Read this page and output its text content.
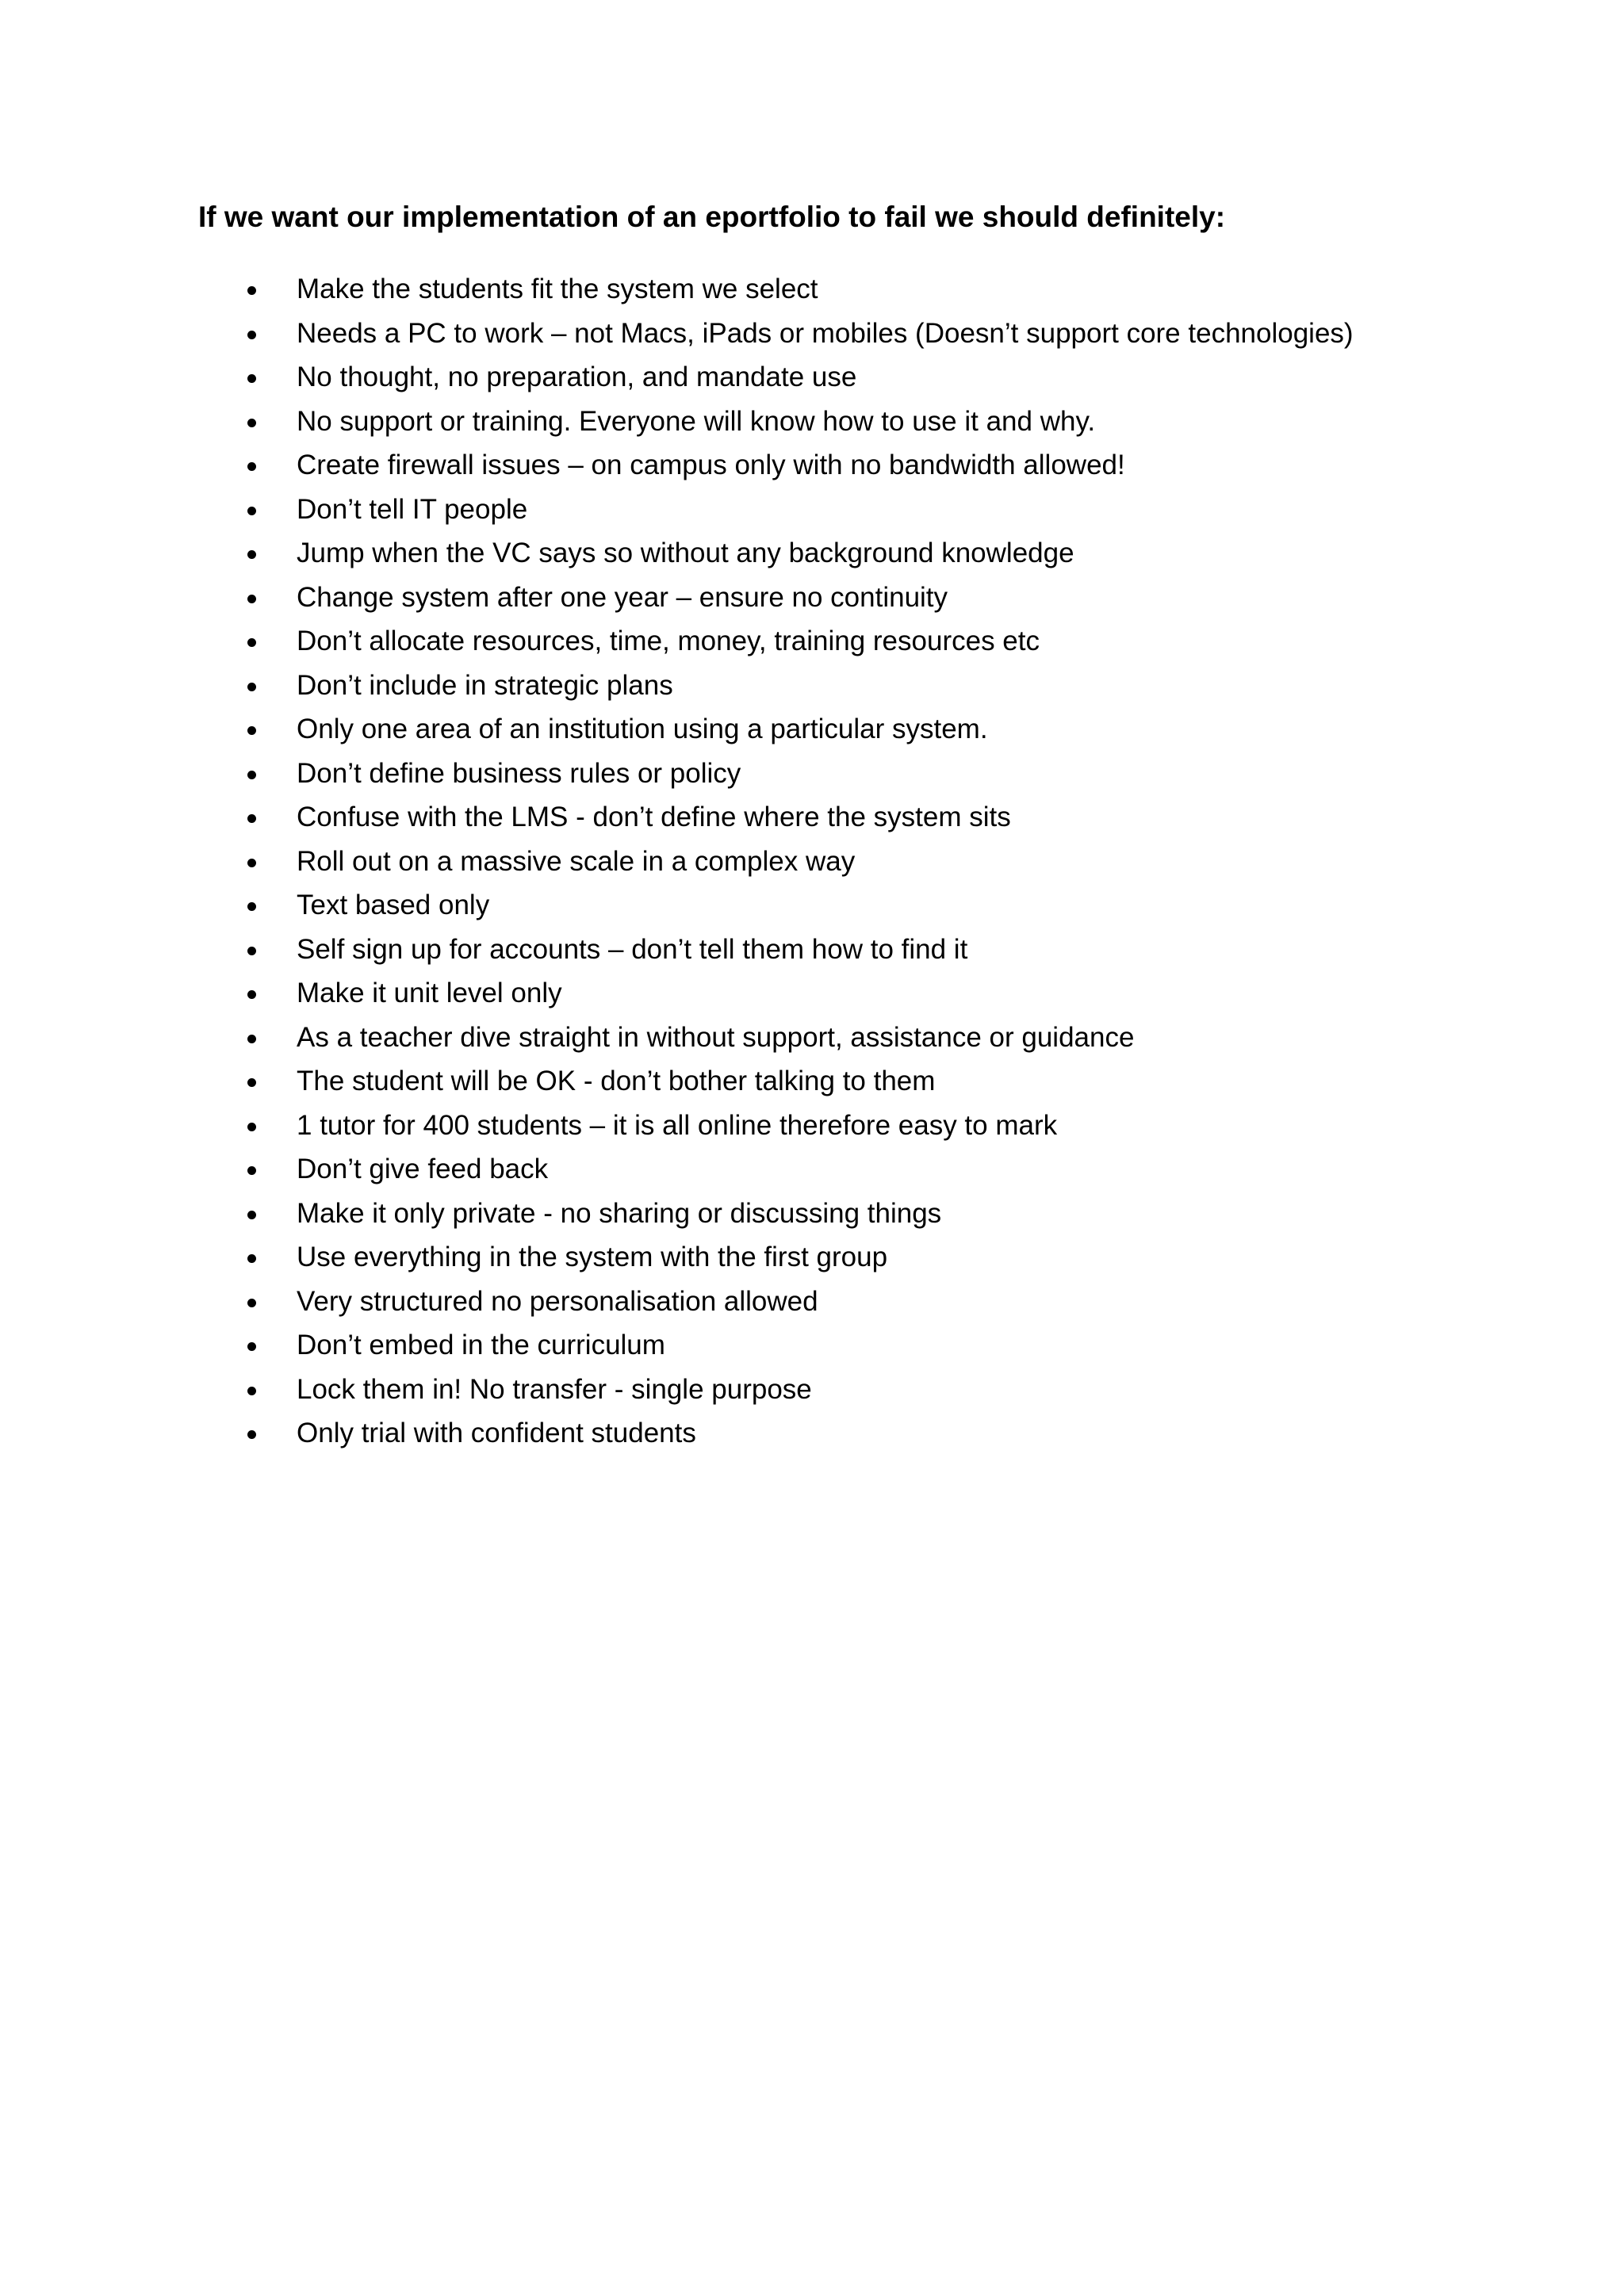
If we want our implementation of an eportfolio to fail we should definitely:
Make the students fit the system we select
Needs a PC to work – not Macs, iPads or mobiles (Doesn’t support core technologies)
No thought, no preparation, and mandate use
No support or training. Everyone will know how to use it and why.
Create firewall issues – on campus only with no bandwidth allowed!
Don’t tell IT people
Jump when the VC says so without any background knowledge
Change system after one year – ensure no continuity
Don’t allocate resources, time, money, training resources etc
Don’t include in strategic plans
Only one area of an institution using a particular system.
Don’t define business rules or policy
Confuse with the LMS - don’t define where the system sits
Roll out on a massive scale in a complex way
Text based only
Self sign up for accounts – don’t tell them how to find it
Make it unit level only
As a teacher dive straight in without support, assistance or guidance
The student will be OK - don’t bother talking to them
1 tutor for 400 students – it is all online therefore easy to mark
Don’t give feed back
Make it only private - no sharing or discussing things
Use everything in the system with the first group
Very structured no personalisation allowed
Don’t embed in the curriculum
Lock them in! No transfer - single purpose
Only trial with confident students
